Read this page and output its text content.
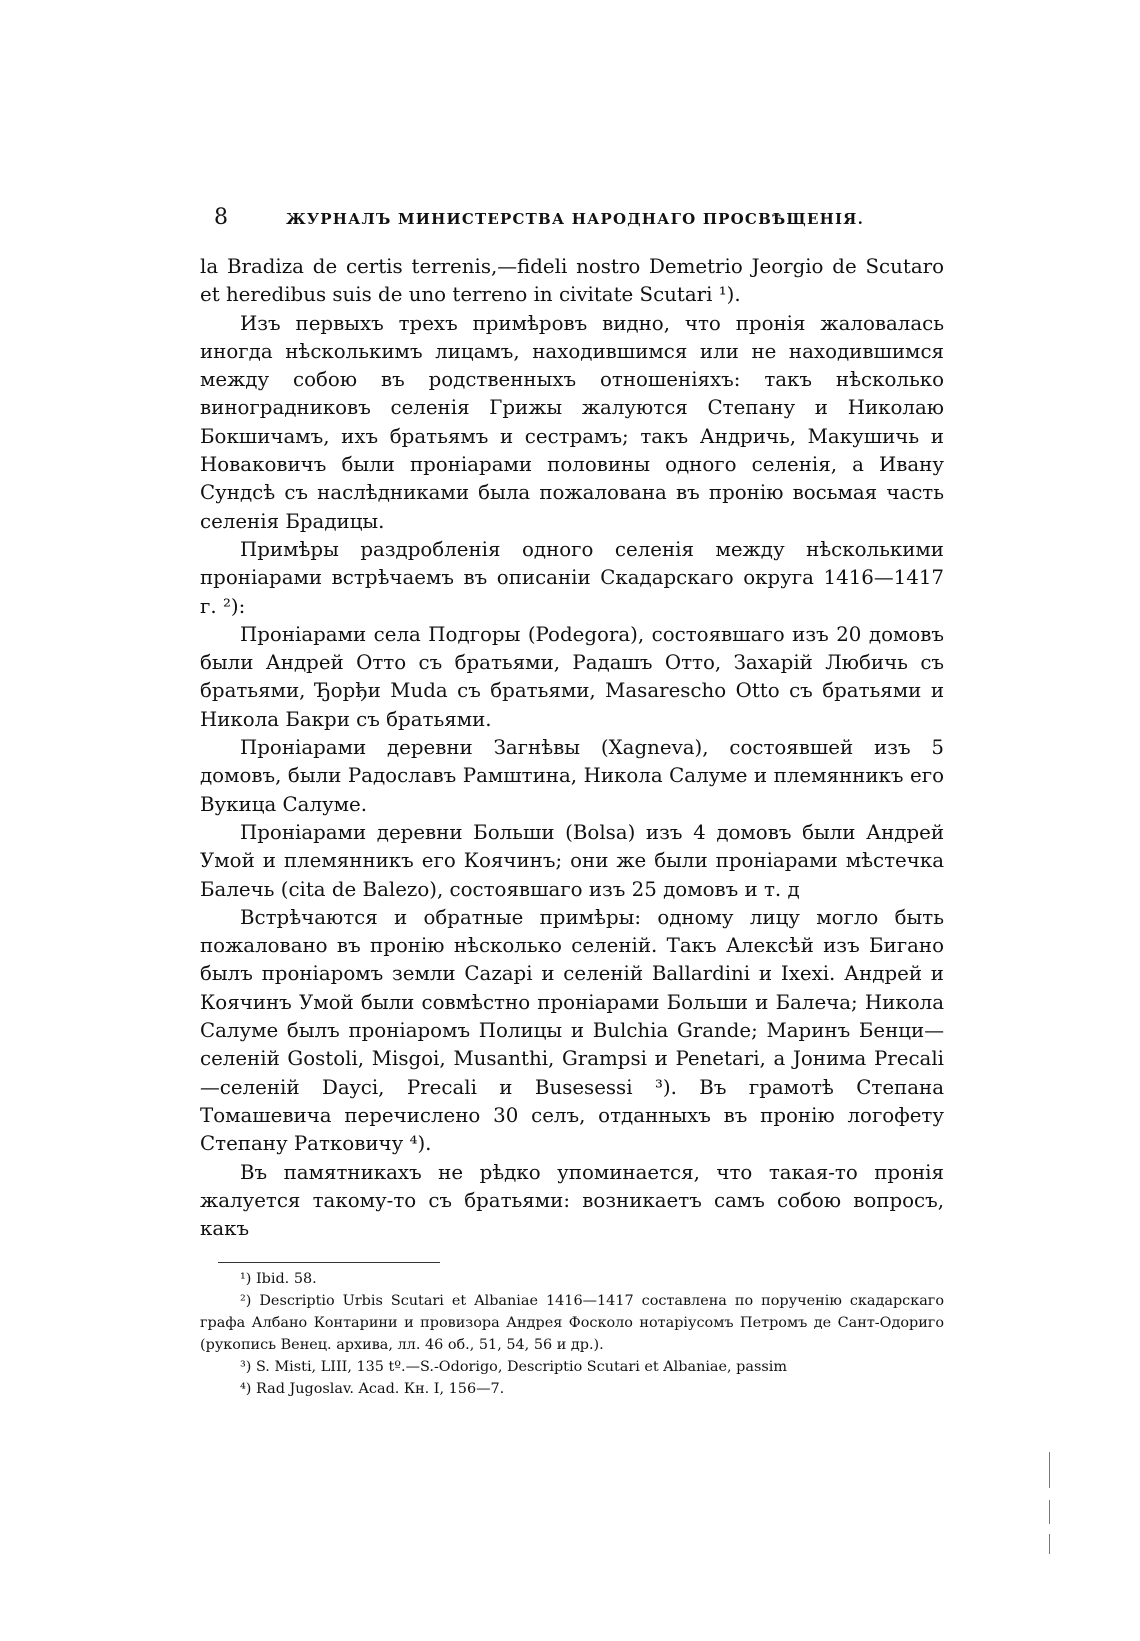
8	ЖУРНАЛЪ МИНИСТЕРСТВА НАРОДНАГО ПРОСВѢЩЕНІЯ.

la Bradiza de certis terrenis,—fideli nostro Demetrio Jeorgio de Scutaro et heredibus suis de uno terreno in civitate Scutari ¹).

Изъ первыхъ трехъ примѣровъ видно, что пронія жаловалась иногда нѣсколькимъ лицамъ, находившимся или не находившимся между собою въ родственныхъ отношеніяхъ: такъ нѣсколько виноградниковъ селенія Грижы жалуются Степану и Николаю Бокшичамъ, ихъ братьямъ и сестрамъ; такъ Андричь, Макушичь и Новаковичъ были проніарами половины одного селенія, а Ивану Сундсѣ съ наслѣдниками была пожалована въ пронію восьмая часть селенія Брадицы.

Примѣры раздробленія одного селенія между нѣсколькими проніарами встрѣчаемъ въ описаніи Скадарскаго округа 1416—1417 г. ²):

Проніарами села Подгоры (Podegora), состоявшаго изъ 20 домовъ были Андрей Отто съ братьями, Радашъ Отто, Захарій Любичь съ братьями, Ђорђи Muda съ братьями, Masarescho Otto съ братьями и Никола Бакри съ братьями.

Проніарами деревни Загнѣвы (Xagneva), состоявшей изъ 5 домовъ, были Радославъ Рамштина, Никола Салуме и племянникъ его Вукица Салуме.

Проніарами деревни Больши (Bolsa) изъ 4 домовъ были Андрей Умой и племянникъ его Коячинъ; они же были проніарами мѣстечка Балечь (cita de Balezo), состоявшаго изъ 25 домовъ и т. д

Встрѣчаются и обратные примѣры: одному лицу могло быть пожаловано въ пронію нѣсколько селеній. Такъ Алексѣй изъ Бигано былъ проніаромъ земли Cazapi и селеній Ballardini и Ixexi. Андрей и Коячинъ Умой были совмѣстно проніарами Больши и Балеча; Никола Салуме былъ проніаромъ Полицы и Bulchia Grande; Маринъ Бенци—селеній Gostoli, Misgoi, Musanthi, Grampsi и Penetari, а Јонима Precali—селеній Dayci, Precali и Busesessi ³). Въ грамотѣ Степана Томашевича перечислено 30 селъ, отданныхъ въ пронію логофету Степану Ратковичу ⁴).

Въ памятникахъ не рѣдко упоминается, что такая-то пронія жалуется такому-то съ братьями: возникаетъ самъ собою вопросъ, какъ

¹) Ibid. 58.

²) Descriptio Urbis Scutari et Albaniae 1416—1417 составлена по порученію скадарскаго графа Албано Контарини и провизора Андрея Фоcколо нотаріусомъ Петромъ де Сант-Одориго (рукопись Венец. архива, лл. 46 об., 51, 54, 56 и др.).

³) S. Misti, LIII, 135 tº.—S.-Odorigo, Descriptio Scutari et Albaniae, passim

⁴) Rad Jugoslav. Acad. Кн. I, 156—7.
